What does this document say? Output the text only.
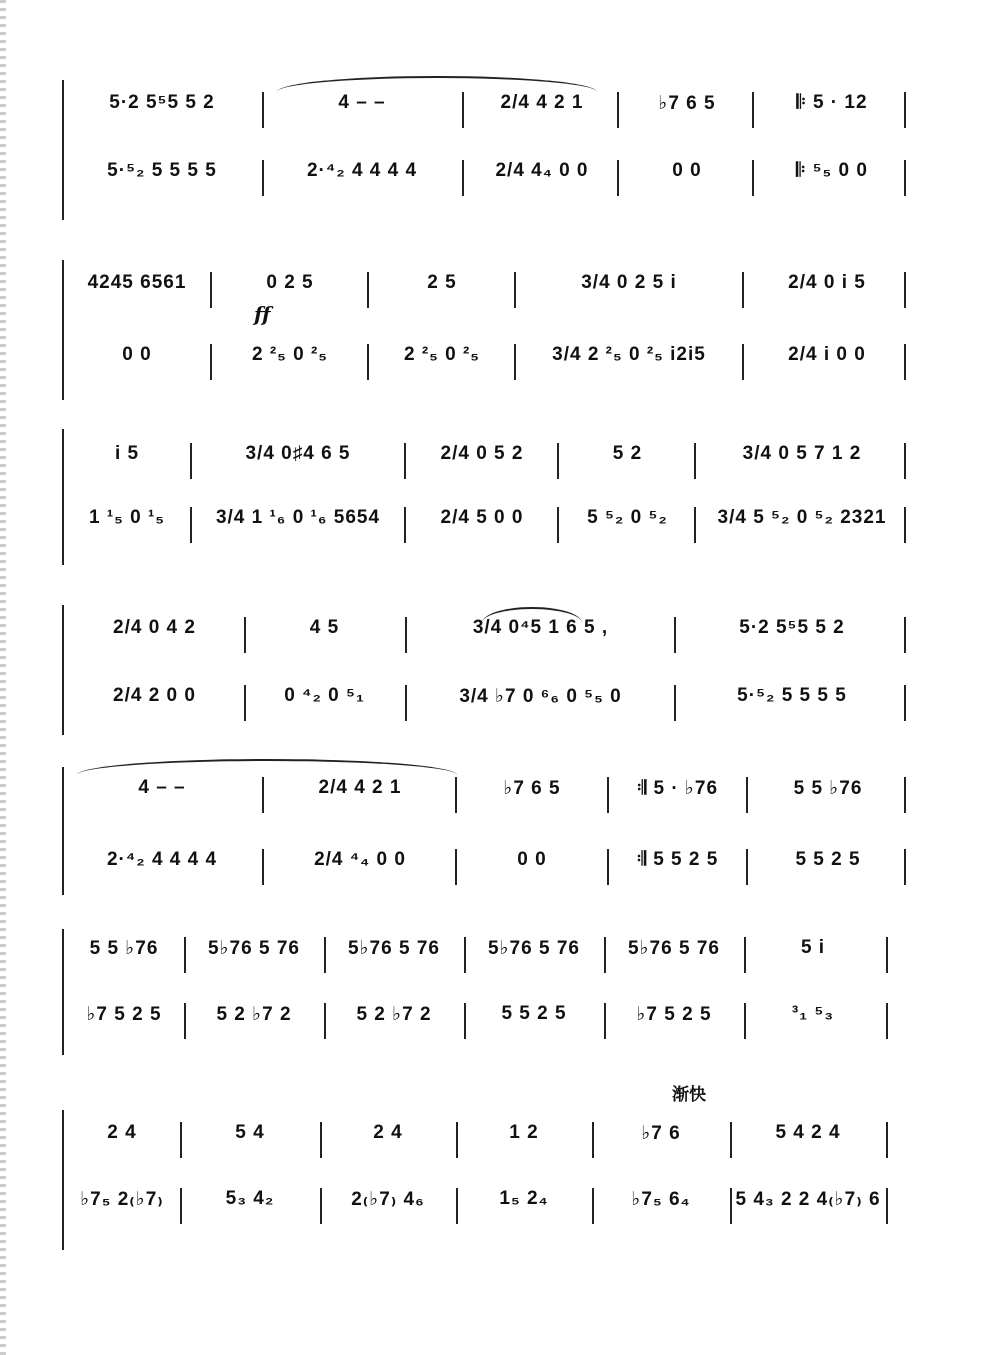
5·2 5⁵5 5 2	4 – –	2/4 4 2 1	♭7 6 5	𝄆 5 · 12
5·⁵₂ 5 5 5 5	2·⁴₂ 4 4 4 4	2/4 4₄ 0 0	0 0	𝄆 ⁵₅ 0 0
4245 6561	0 2 5	2 5	3/4 0 2 5 i	2/4 0 i 5
ff
0 0	2 ²₅ 0 ²₅	2 ²₅ 0 ²₅	3/4 2 ²₅ 0 ²₅ i2i5	2/4 i 0 0
i 5	3/4 0♯4 6 5	2/4 0 5 2	5 2	3/4 0 5 7 1 2
1 ¹₅ 0 ¹₅	3/4 1 ¹₆ 0 ¹₆ 5654	2/4 5 0 0	5 ⁵₂ 0 ⁵₂	3/4 5 ⁵₂ 0 ⁵₂ 2321
2/4 0 4 2	4 5	3/4 0⁴5 1 6 5 ,	5·2 5⁵5 5 2
2/4 2 0 0	0 ⁴₂ 0 ⁵₁	3/4 ♭7 0 ⁶₆ 0 ⁵₅ 0	5·⁵₂ 5 5 5 5
4 – –	2/4 4 2 1	♭7 6 5	𝄇 5 · ♭76	5 5 ♭76
2·⁴₂ 4 4 4 4	2/4 ⁴₄ 0 0	0 0	𝄇 5 5 2 5	5 5 2 5
5 5 ♭76	5♭76 5 76	5♭76 5 76	5♭76 5 76	5♭76 5 76	5 i
♭7 5 2 5	5 2 ♭7 2	5 2 ♭7 2	5 5 2 5	♭7 5 2 5	³₁ ⁵₃
渐快
2 4	5 4	2 4	1 2	♭7 6	5 4 2 4
♭7₅ 2₍♭7₎	5₃ 4₂	2₍♭7₎ 4₆	1₅ 2₄	♭7₅ 6₄	5 4₃ 2 2 4₍♭7₎ 6
